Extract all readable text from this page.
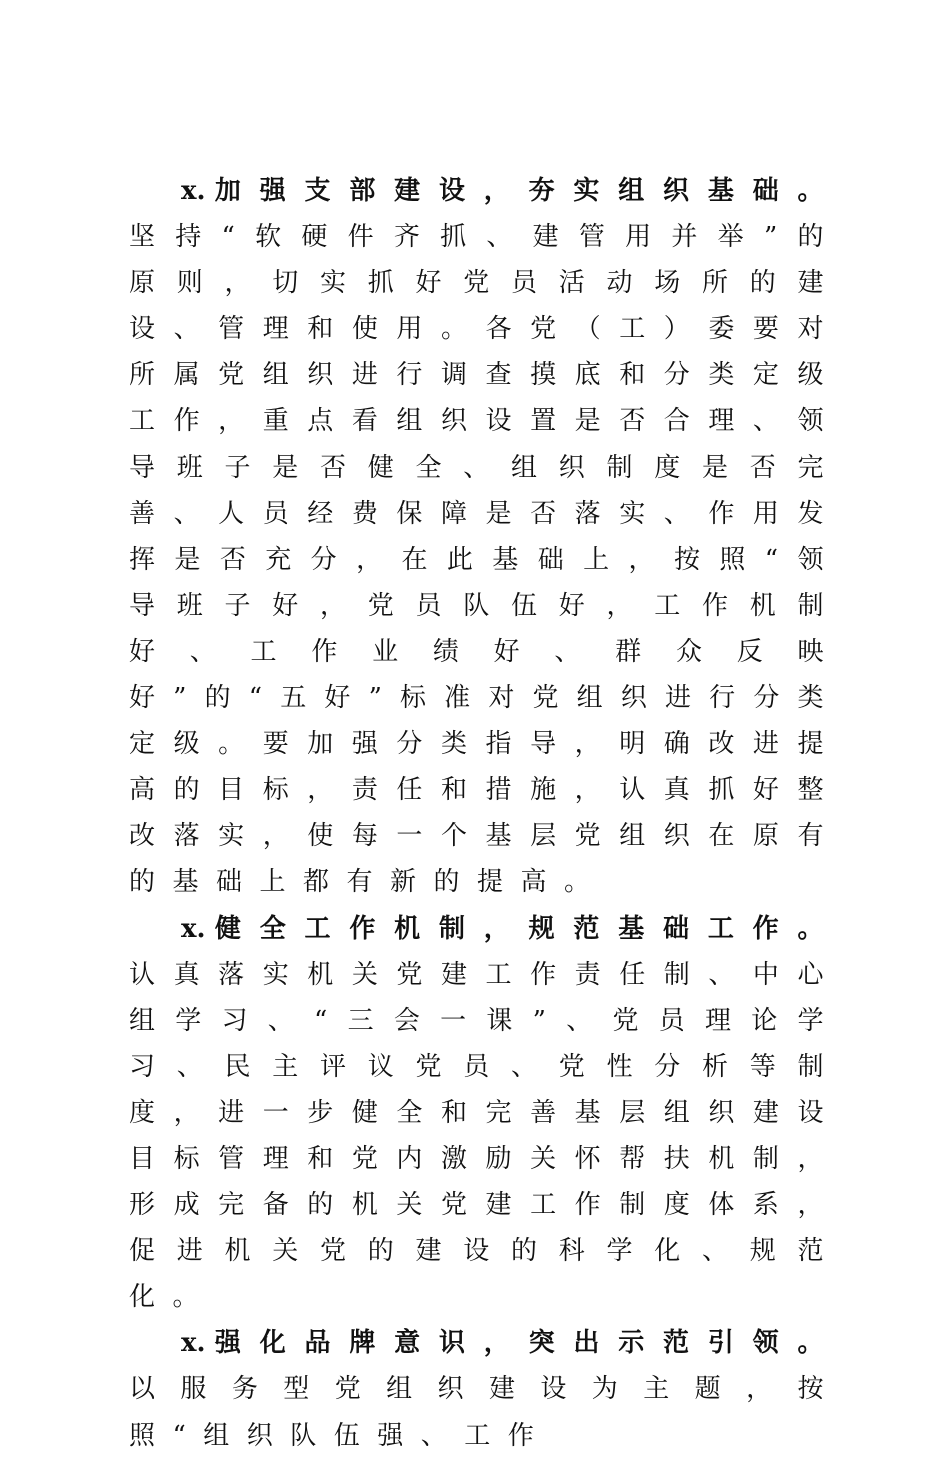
x. 加强支部建设，夯实组织基础。坚持“软硬件齐抓、建管用并举”的原则，切实抓好党员活动场所的建设、管理和使用。各党（工）委要对所属党组织进行调查摸底和分类定级工作，重点看组织设置是否合理、领导班子是否健全、组织制度是否完善、人员经费保障是否落实、作用发挥是否充分，在此基础上，按照“领导班子好，党员队伍好，工作机制好、工作业绩好、群众反映好”的“五好”标准对党组织进行分类定级。要加强分类指导，明确改进提高的目标，责任和措施，认真抓好整改落实，使每一个基层党组织在原有的基础上都有新的提高。

x. 健全工作机制，规范基础工作。认真落实机关党建工作责任制、中心组学习、“三会一课”、党员理论学习、民主评议党员、党性分析等制度，进一步健全和完善基层组织建设目标管理和党内激励关怀帮扶机制，形成完备的机关党建工作制度体系，促进机关党的建设的科学化、规范化。

x. 强化品牌意识，突出示范引领。以服务型党组织建设为主题，按照“组织队伍强、工作
